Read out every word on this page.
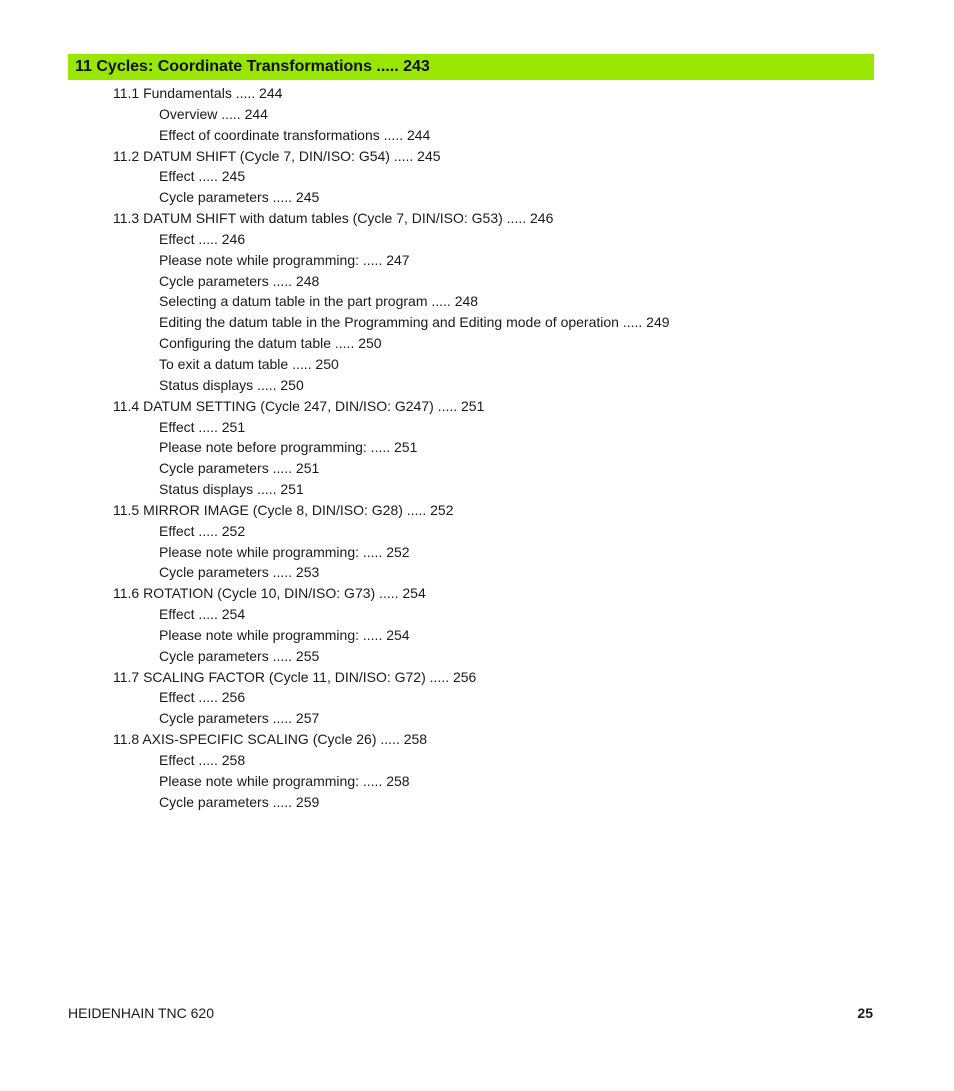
11 Cycles: Coordinate Transformations ..... 243
11.1 Fundamentals ..... 244
Overview ..... 244
Effect of coordinate transformations ..... 244
11.2 DATUM SHIFT (Cycle 7, DIN/ISO: G54) ..... 245
Effect ..... 245
Cycle parameters ..... 245
11.3 DATUM SHIFT with datum tables (Cycle 7, DIN/ISO: G53) ..... 246
Effect ..... 246
Please note while programming: ..... 247
Cycle parameters ..... 248
Selecting a datum table in the part program ..... 248
Editing the datum table in the Programming and Editing mode of operation ..... 249
Configuring the datum table ..... 250
To exit a datum table ..... 250
Status displays ..... 250
11.4 DATUM SETTING (Cycle 247, DIN/ISO: G247) ..... 251
Effect ..... 251
Please note before programming: ..... 251
Cycle parameters ..... 251
Status displays ..... 251
11.5 MIRROR IMAGE (Cycle 8, DIN/ISO: G28) ..... 252
Effect ..... 252
Please note while programming: ..... 252
Cycle parameters ..... 253
11.6 ROTATION (Cycle 10, DIN/ISO: G73) ..... 254
Effect ..... 254
Please note while programming: ..... 254
Cycle parameters ..... 255
11.7 SCALING FACTOR (Cycle 11, DIN/ISO: G72) ..... 256
Effect ..... 256
Cycle parameters ..... 257
11.8 AXIS-SPECIFIC SCALING (Cycle 26) ..... 258
Effect ..... 258
Please note while programming: ..... 258
Cycle parameters ..... 259
HEIDENHAIN TNC 620	25
